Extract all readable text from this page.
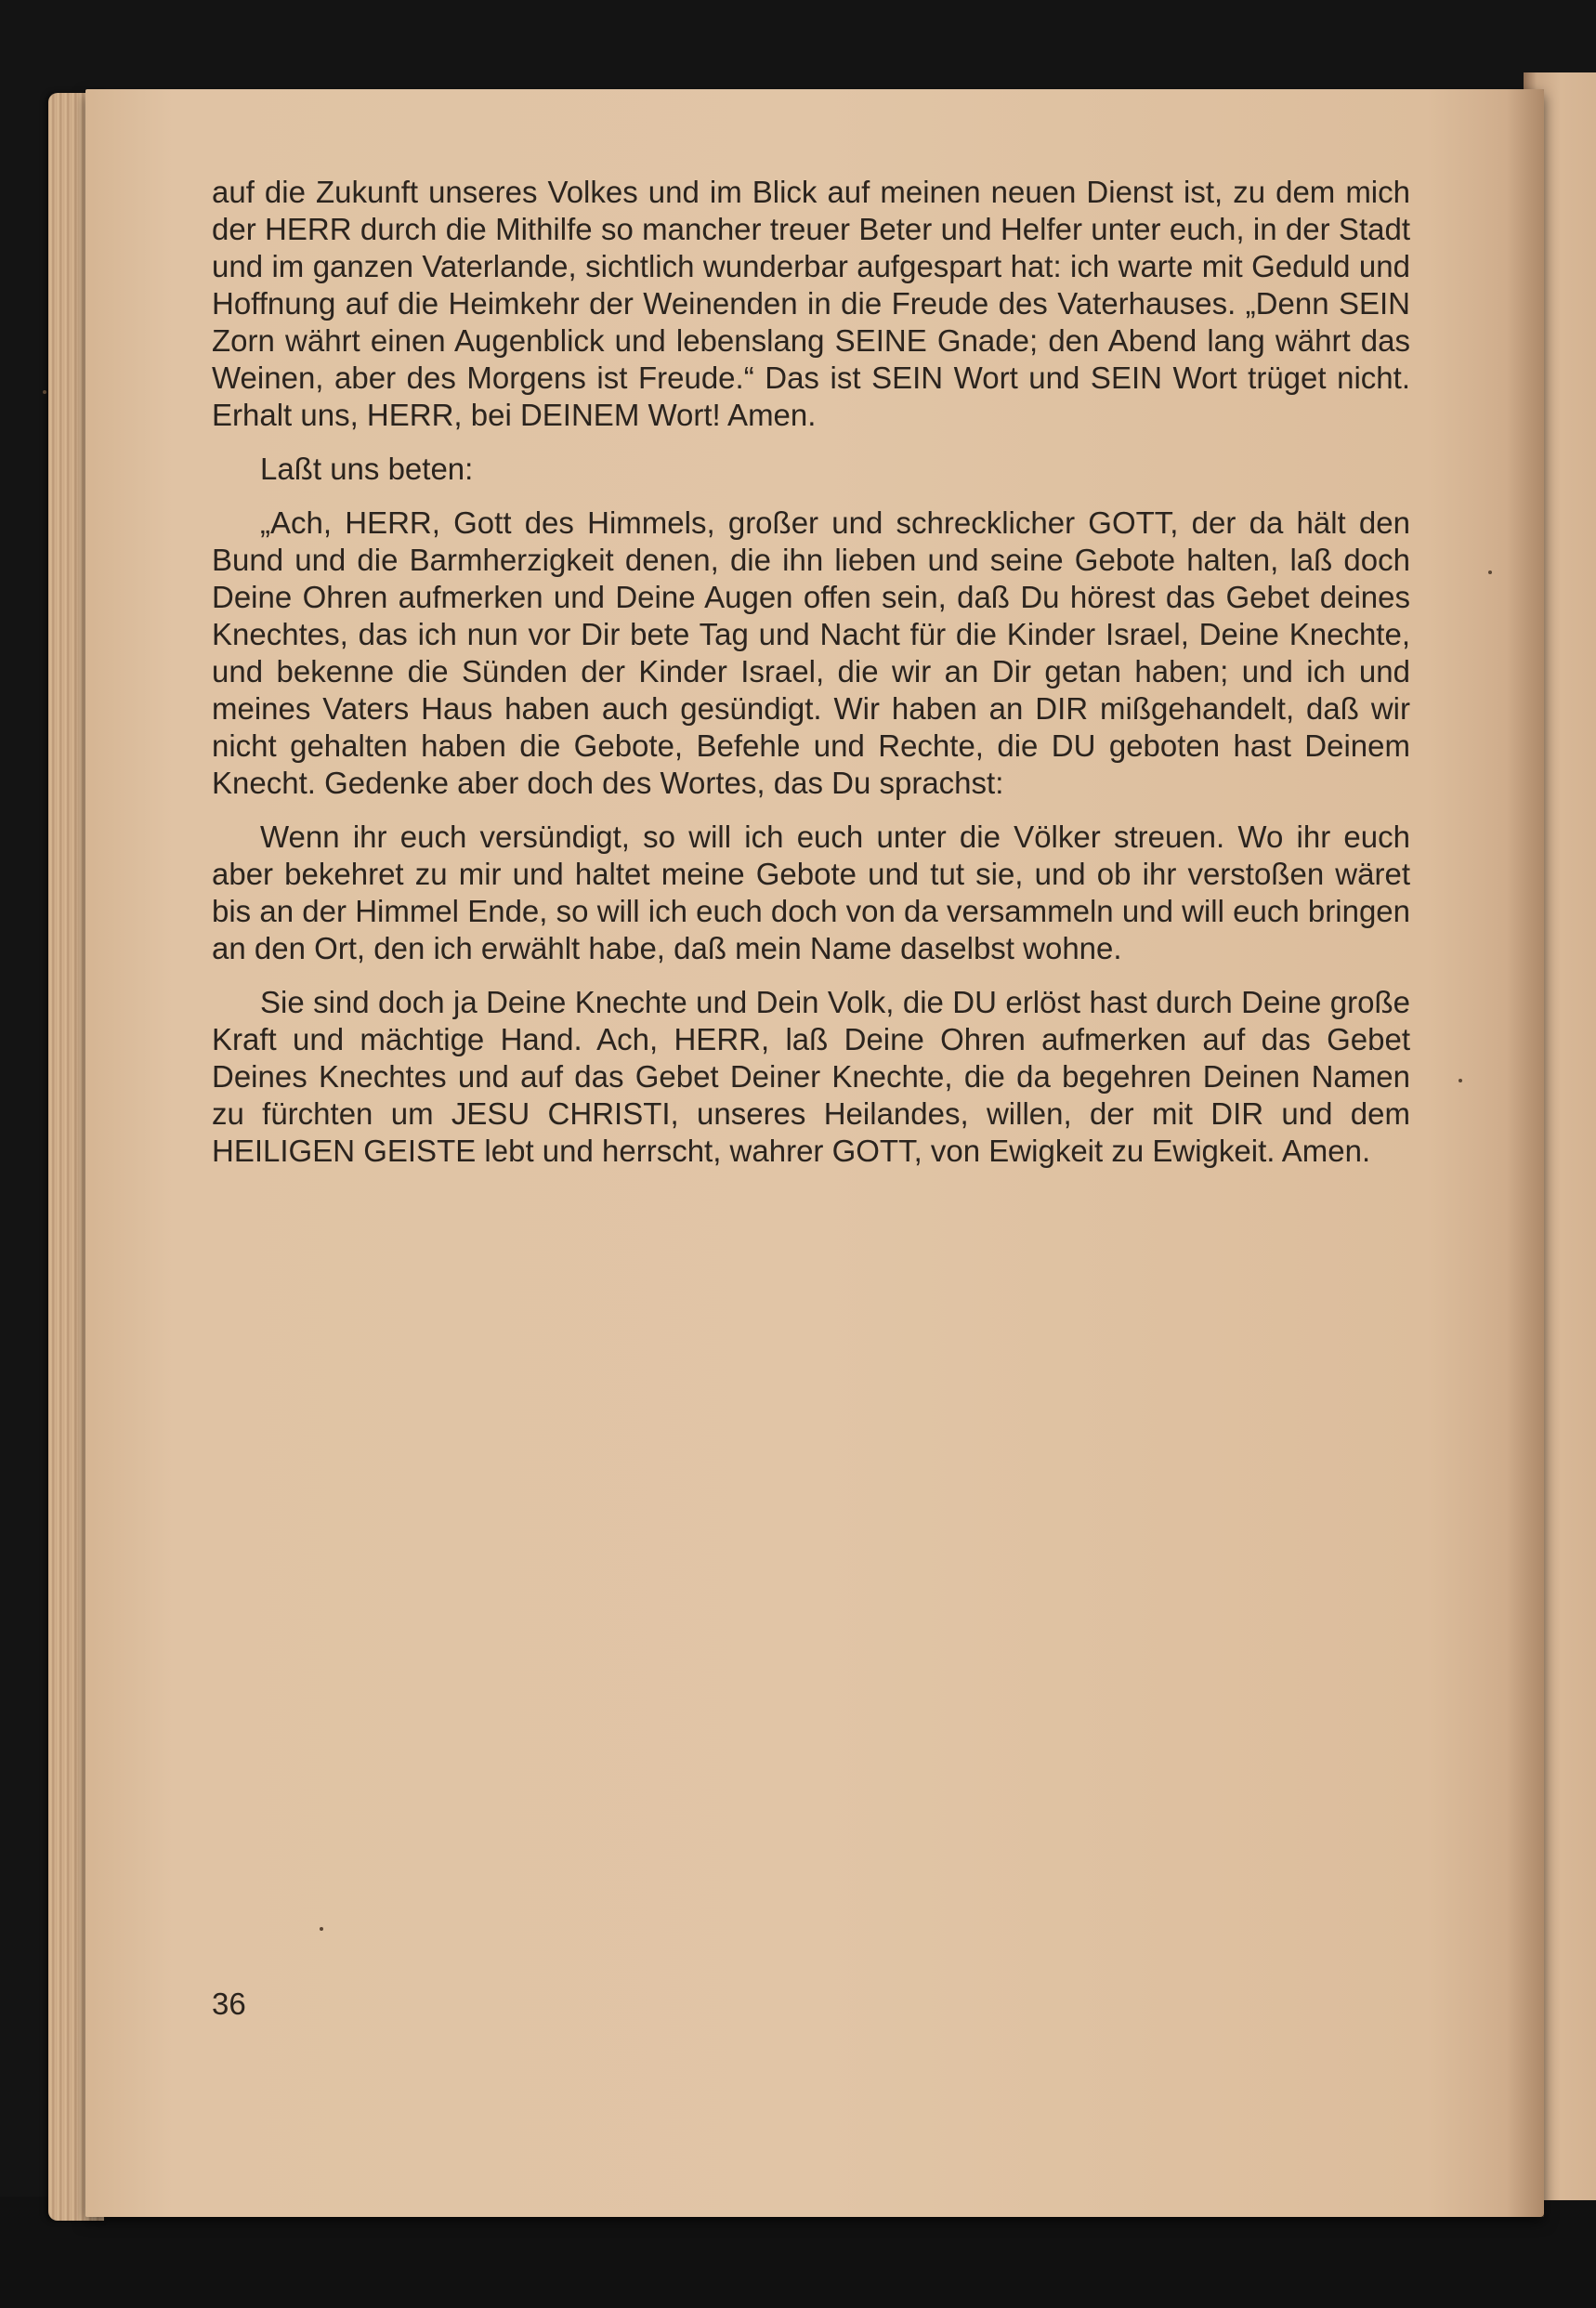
auf die Zukunft unseres Volkes und im Blick auf meinen neuen Dienst ist, zu dem mich der HERR durch die Mithilfe so mancher treuer Beter und Helfer unter euch, in der Stadt und im ganzen Vaterlande, sichtlich wunderbar aufgespart hat: ich warte mit Geduld und Hoffnung auf die Heimkehr der Weinenden in die Freude des Vaterhauses. „Denn SEIN Zorn währt einen Augenblick und lebenslang SEINE Gnade; den Abend lang währt das Weinen, aber des Morgens ist Freude.“ Das ist SEIN Wort und SEIN Wort trüget nicht. Erhalt uns, HERR, bei DEINEM Wort! Amen.

Laßt uns beten:

„Ach, HERR, Gott des Himmels, großer und schrecklicher GOTT, der da hält den Bund und die Barmherzigkeit denen, die ihn lieben und seine Gebote halten, laß doch Deine Ohren aufmerken und Deine Augen offen sein, daß Du hörest das Gebet deines Knechtes, das ich nun vor Dir bete Tag und Nacht für die Kinder Israel, Deine Knechte, und bekenne die Sünden der Kinder Israel, die wir an Dir getan haben; und ich und meines Vaters Haus haben auch gesündigt. Wir haben an DIR mißgehandelt, daß wir nicht gehalten haben die Gebote, Befehle und Rechte, die DU geboten hast Deinem Knecht. Gedenke aber doch des Wortes, das Du sprachst:

Wenn ihr euch versündigt, so will ich euch unter die Völker streuen. Wo ihr euch aber bekehret zu mir und haltet meine Gebote und tut sie, und ob ihr verstoßen wäret bis an der Himmel Ende, so will ich euch doch von da versammeln und will euch bringen an den Ort, den ich erwählt habe, daß mein Name daselbst wohne.

Sie sind doch ja Deine Knechte und Dein Volk, die DU erlöst hast durch Deine große Kraft und mächtige Hand. Ach, HERR, laß Deine Ohren aufmerken auf das Gebet Deines Knechtes und auf das Gebet Deiner Knechte, die da begehren Deinen Namen zu fürchten um JESU CHRISTI, unseres Heilandes, willen, der mit DIR und dem HEILIGEN GEISTE lebt und herrscht, wahrer GOTT, von Ewigkeit zu Ewigkeit. Amen.

36
